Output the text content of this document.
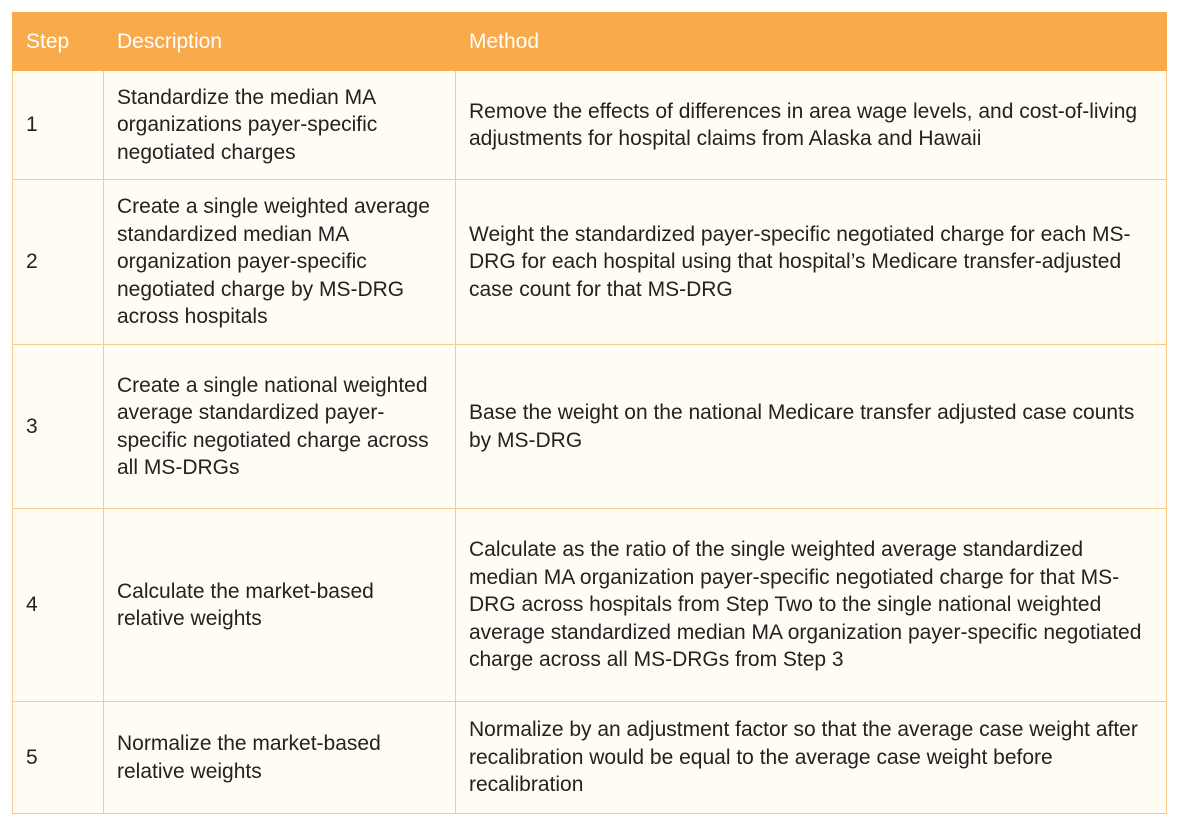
Step	Description	Method
1	Standardize the median MA organizations payer-specific negotiated charges	Remove the effects of differences in area wage levels, and cost-of-living adjustments for hospital claims from Alaska and Hawaii
2	Create a single weighted average standardized median MA organization payer-specific negotiated charge by MS-DRG across hospitals	Weight the standardized payer-specific negotiated charge for each MS-DRG for each hospital using that hospital’s Medicare transfer-adjusted case count for that MS-DRG
3	Create a single national weighted average standardized payer-specific negotiated charge across all MS-DRGs	Base the weight on the national Medicare transfer adjusted case counts by MS-DRG
4	Calculate the market-based relative weights	Calculate as the ratio of the single weighted average standardized median MA organization payer-specific negotiated charge for that MS-DRG across hospitals from Step Two to the single national weighted average standardized median MA organization payer-specific negotiated charge across all MS-DRGs from Step 3
5	Normalize the market-based relative weights	Normalize by an adjustment factor so that the average case weight after recalibration would be equal to the average case weight before recalibration
